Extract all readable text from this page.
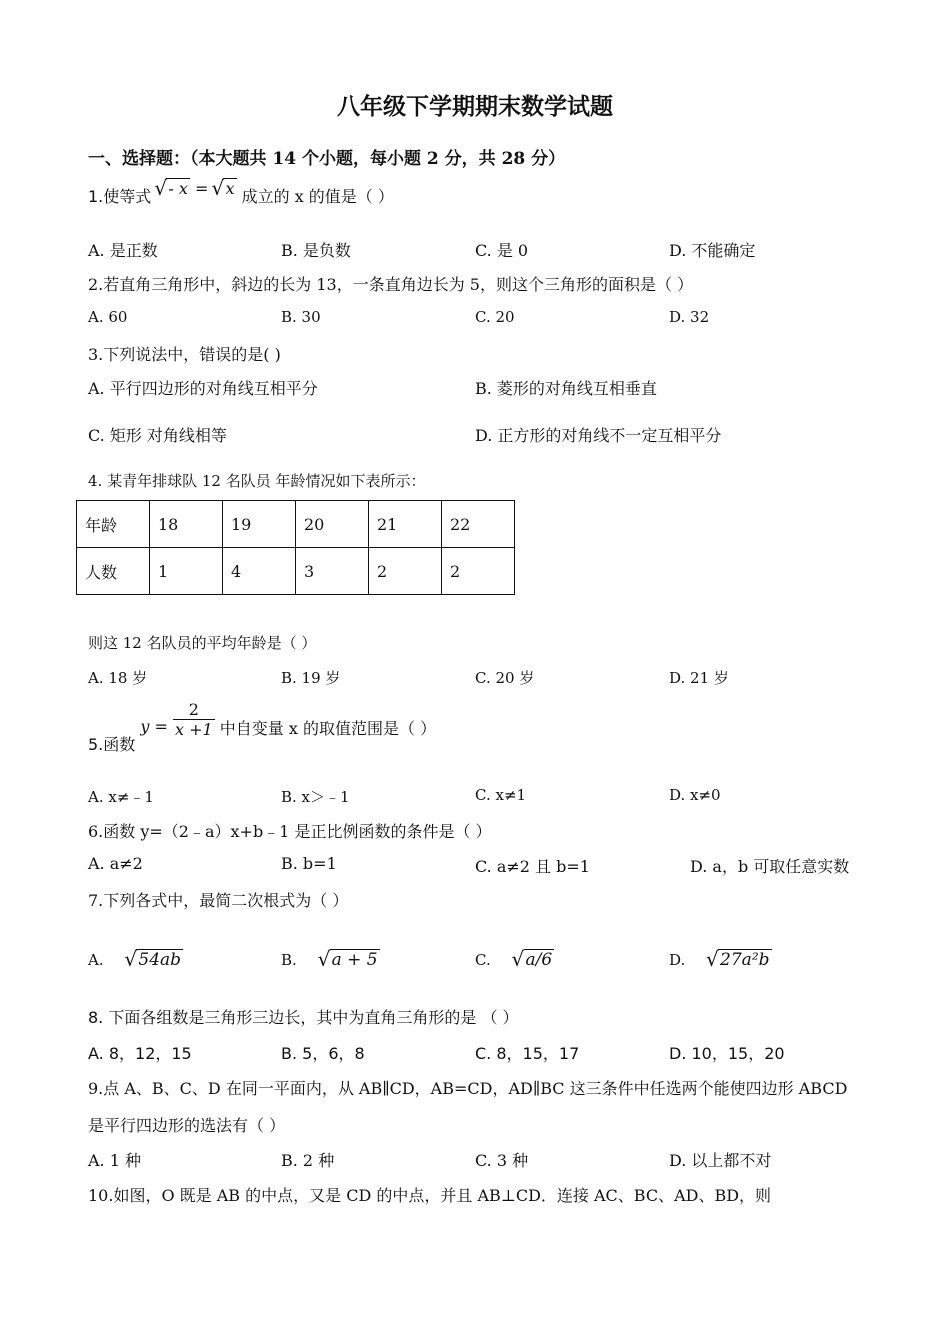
八年级下学期期末数学试题
一、选择题：（本大题共 14 个小题，每小题 2 分，共 28 分）
1.使等式 √ - x = √ x 成立的 x 的值是（ ）
A. 是正数	B. 是负数	C. 是 0	D. 不能确定
2.若直角三角形中，斜边的长为 13，一条直角边长为 5，则这个三角形的面积是（ ）
A. 60	B. 30	C. 20	D. 32
3.下列说法中，错误的是( )
A. 平行四边形的对角线互相平分	B. 菱形的对角线互相垂直
C. 矩形 对角线相等	D. 正方形的对角线不一定互相平分
4. 某青年排球队 12 名队员 年龄情况如下表所示：
年龄	18	19	20	21	22
人数	1	4	3	2	2
则这 12 名队员的平均年龄是（ ）
A. 18 岁	B. 19 岁	C. 20 岁	D. 21 岁
5.函数 $y = \frac{2}{x +1}$ 中自变量 x 的取值范围是（ ）
A. x≠﹣1	B. x＞﹣1	C. x≠1	D. x≠0
6.函数 y=（2﹣a）x+b﹣1 是正比例函数的条件是（ ）
A. a≠2	B. b=1	C. a≠2 且 b=1	D. a，b 可取任意实数
7.下列各式中，最简二次根式为（ ）
A. √ 54ab	B. √ a + 5	C. √ a/6	D. √ 27a²b
8. 下面各组数是三角形三边长，其中为直角三角形的是 （ ）
A. 8，12，15	B. 5，6，8	C. 8，15，17	D. 10，15，20
9.点 A、B、C、D 在同一平面内，从 AB∥CD，AB=CD，AD∥BC 这三条件中任选两个能使四边形 ABCD
是平行四边形的选法有（ ）
A. 1 种	B. 2 种	C. 3 种	D. 以上都不对
10.如图，O 既是 AB 的中点，又是 CD 的中点，并且 AB⊥CD．连接 AC、BC、AD、BD，则
